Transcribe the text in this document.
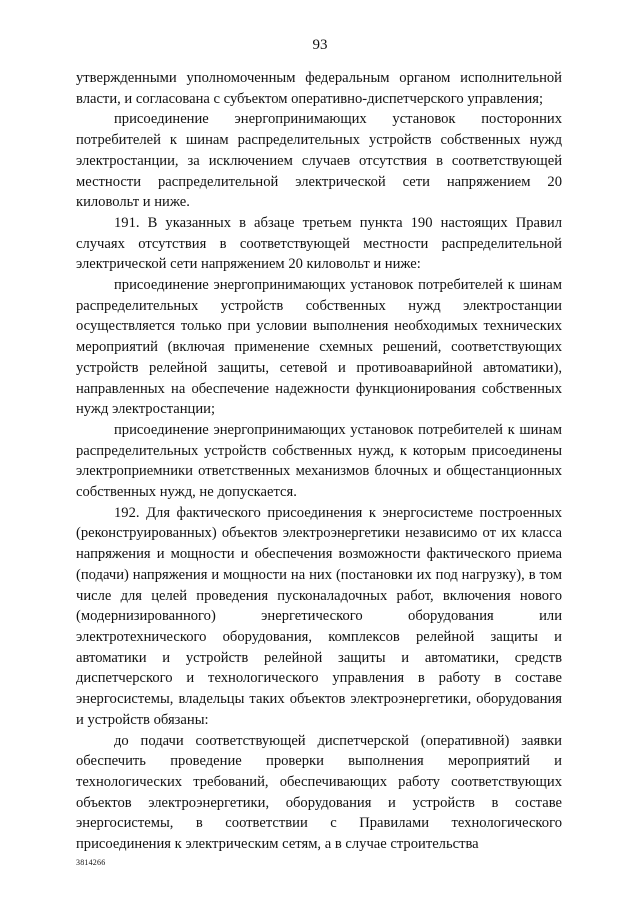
93

утвержденными уполномоченным федеральным органом исполнительной власти, и согласована с субъектом оперативно-диспетчерского управления;

присоединение энергопринимающих установок посторонних потребителей к шинам распределительных устройств собственных нужд электростанции, за исключением случаев отсутствия в соответствующей местности распределительной электрической сети напряжением 20 киловольт и ниже.

191. В указанных в абзаце третьем пункта 190 настоящих Правил случаях отсутствия в соответствующей местности распределительной электрической сети напряжением 20 киловольт и ниже:

присоединение энергопринимающих установок потребителей к шинам распределительных устройств собственных нужд электростанции осуществляется только при условии выполнения необходимых технических мероприятий (включая применение схемных решений, соответствующих устройств релейной защиты, сетевой и противоаварийной автоматики), направленных на обеспечение надежности функционирования собственных нужд электростанции;

присоединение энергопринимающих установок потребителей к шинам распределительных устройств собственных нужд, к которым присоединены электроприемники ответственных механизмов блочных и общестанционных собственных нужд, не допускается.

192. Для фактического присоединения к энергосистеме построенных (реконструированных) объектов электроэнергетики независимо от их класса напряжения и мощности и обеспечения возможности фактического приема (подачи) напряжения и мощности на них (постановки их под нагрузку), в том числе для целей проведения пусконаладочных работ, включения нового (модернизированного) энергетического оборудования или электротехнического оборудования, комплексов релейной защиты и автоматики и устройств релейной защиты и автоматики, средств диспетчерского и технологического управления в работу в составе энергосистемы, владельцы таких объектов электроэнергетики, оборудования и устройств обязаны:

до подачи соответствующей диспетчерской (оперативной) заявки обеспечить проведение проверки выполнения мероприятий и технологических требований, обеспечивающих работу соответствующих объектов электроэнергетики, оборудования и устройств в составе энергосистемы, в соответствии с Правилами технологического присоединения к электрическим сетям, а в случае строительства

3814266
